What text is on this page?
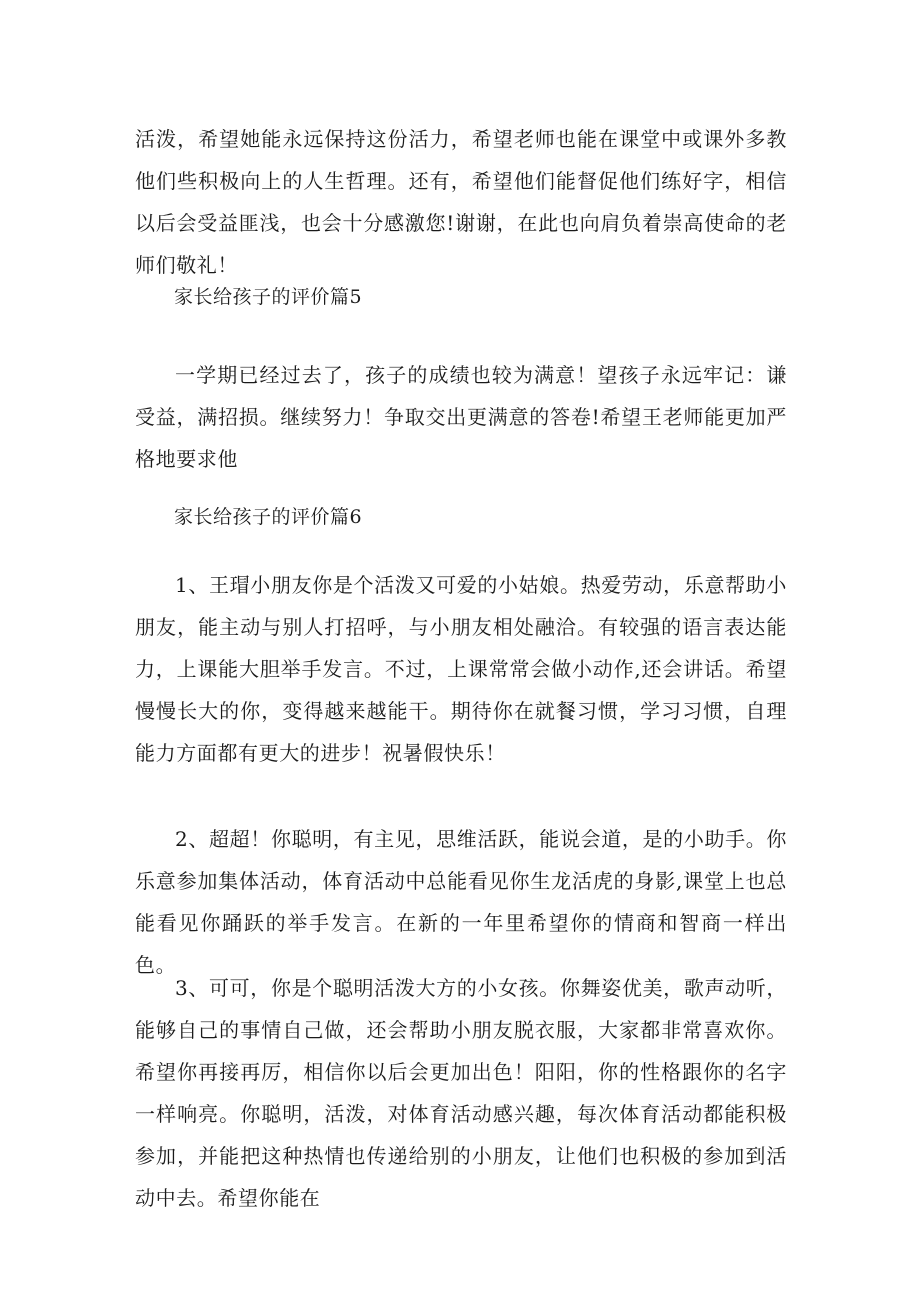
活泼，希望她能永远保持这份活力，希望老师也能在课堂中或课外多教他们些积极向上的人生哲理。还有，希望他们能督促他们练好字，相信以后会受益匪浅，也会十分感激您!谢谢，在此也向肩负着崇高使命的老师们敬礼！

家长给孩子的评价篇5

一学期已经过去了，孩子的成绩也较为满意！望孩子永远牢记：谦受益，满招损。继续努力！争取交出更满意的答卷!希望王老师能更加严格地要求他

家长给孩子的评价篇6

1、王瑁小朋友你是个活泼又可爱的小姑娘。热爱劳动，乐意帮助小朋友，能主动与别人打招呼，与小朋友相处融洽。有较强的语言表达能力，上课能大胆举手发言。不过，上课常常会做小动作,还会讲话。希望慢慢长大的你，变得越来越能干。期待你在就餐习惯，学习习惯，自理能力方面都有更大的进步！祝暑假快乐！

2、超超！你聪明，有主见，思维活跃，能说会道，是的小助手。你乐意参加集体活动，体育活动中总能看见你生龙活虎的身影,课堂上也总能看见你踊跃的举手发言。在新的一年里希望你的情商和智商一样出色。

3、可可，你是个聪明活泼大方的小女孩。你舞姿优美，歌声动听，能够自己的事情自己做，还会帮助小朋友脱衣服，大家都非常喜欢你。希望你再接再厉，相信你以后会更加出色！阳阳，你的性格跟你的名字一样响亮。你聪明，活泼，对体育活动感兴趣，每次体育活动都能积极参加，并能把这种热情也传递给别的小朋友，让他们也积极的参加到活动中去。希望你能在
